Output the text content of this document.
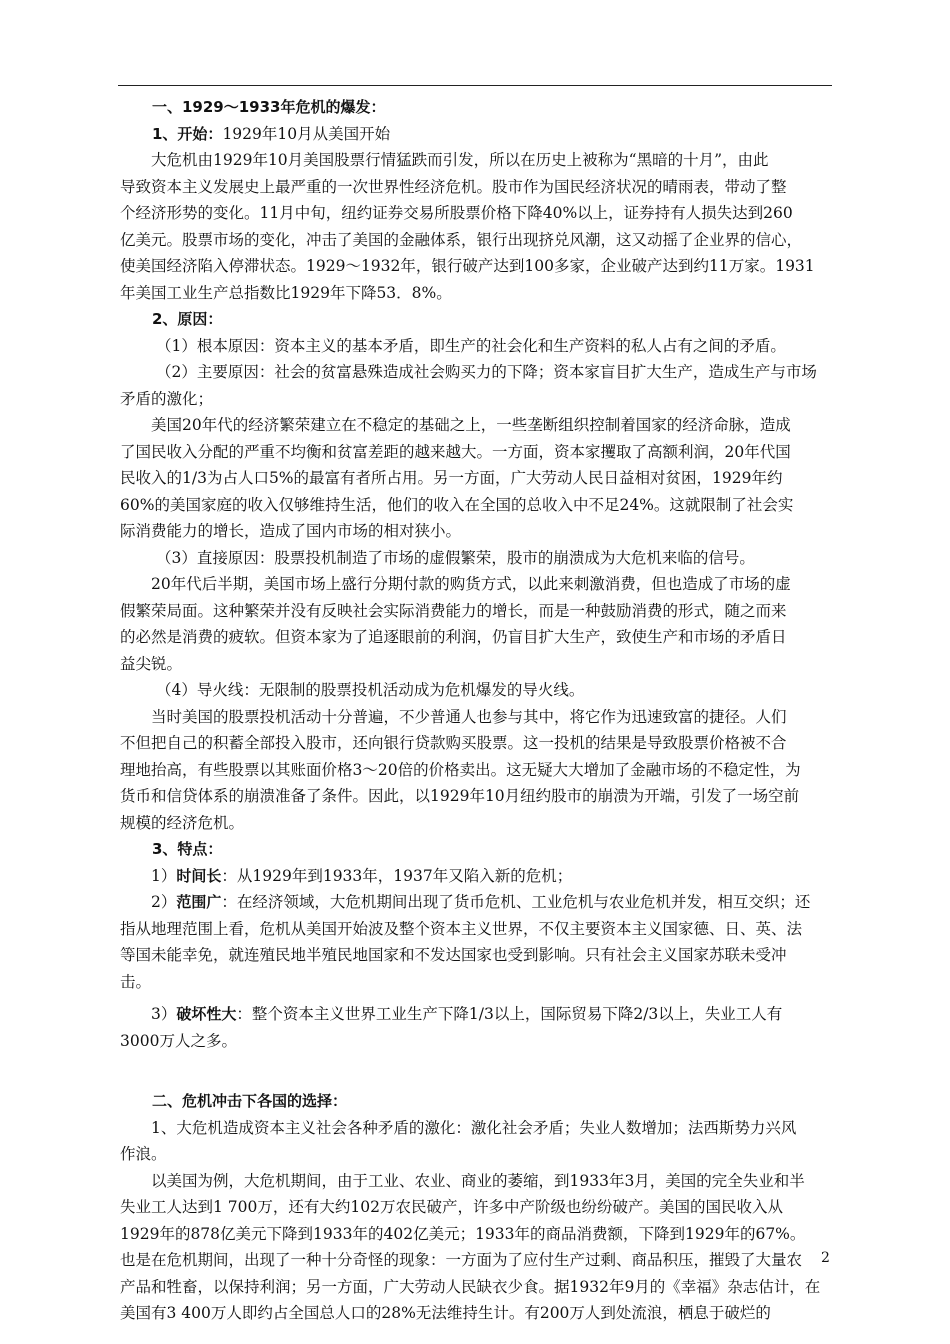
一、1929～1933年危机的爆发：
1、开始：1929年10月从美国开始
大危机由1929年10月美国股票行情猛跌而引发，所以在历史上被称为“黑暗的十月”，由此
导致资本主义发展史上最严重的一次世界性经济危机。股市作为国民经济状况的晴雨表，带动了整
个经济形势的变化。11月中旬，纽约证券交易所股票价格下降40%以上，证券持有人损失达到260
亿美元。股票市场的变化，冲击了美国的金融体系，银行出现挤兑风潮，这又动摇了企业界的信心，
使美国经济陷入停滞状态。1929～1932年，银行破产达到100多家，企业破产达到约11万家。1931
年美国工业生产总指数比1929年下降53．8%。
2、原因：
（1）根本原因：资本主义的基本矛盾，即生产的社会化和生产资料的私人占有之间的矛盾。
（2）主要原因：社会的贫富悬殊造成社会购买力的下降；资本家盲目扩大生产，造成生产与市场
矛盾的激化；
美国20年代的经济繁荣建立在不稳定的基础之上，一些垄断组织控制着国家的经济命脉，造成
了国民收入分配的严重不均衡和贫富差距的越来越大。一方面，资本家攫取了高额利润，20年代国
民收入的1/3为占人口5%的最富有者所占用。另一方面，广大劳动人民日益相对贫困，1929年约
60%的美国家庭的收入仅够维持生活，他们的收入在全国的总收入中不足24%。这就限制了社会实
际消费能力的增长，造成了国内市场的相对狭小。
（3）直接原因：股票投机制造了市场的虚假繁荣，股市的崩溃成为大危机来临的信号。
20年代后半期，美国市场上盛行分期付款的购货方式，以此来刺激消费，但也造成了市场的虚
假繁荣局面。这种繁荣并没有反映社会实际消费能力的增长，而是一种鼓励消费的形式，随之而来
的必然是消费的疲软。但资本家为了追逐眼前的利润，仍盲目扩大生产，致使生产和市场的矛盾日
益尖锐。
（4）导火线：无限制的股票投机活动成为危机爆发的导火线。
当时美国的股票投机活动十分普遍，不少普通人也参与其中，将它作为迅速致富的捷径。人们
不但把自己的积蓄全部投入股市，还向银行贷款购买股票。这一投机的结果是导致股票价格被不合
理地抬高，有些股票以其账面价格3～20倍的价格卖出。这无疑大大增加了金融市场的不稳定性，为
货币和信贷体系的崩溃准备了条件。因此，以1929年10月纽约股市的崩溃为开端，引发了一场空前
规模的经济危机。
3、特点：
1）时间长：从1929年到1933年，1937年又陷入新的危机；
2）范围广：在经济领域，大危机期间出现了货币危机、工业危机与农业危机并发，相互交织；还
指从地理范围上看，危机从美国开始波及整个资本主义世界，不仅主要资本主义国家德、日、英、法
等国未能幸免，就连殖民地半殖民地国家和不发达国家也受到影响。只有社会主义国家苏联未受冲
击。
3）破坏性大：整个资本主义世界工业生产下降1/3以上，国际贸易下降2/3以上，失业工人有
3000万人之多。
二、危机冲击下各国的选择：
1、大危机造成资本主义社会各种矛盾的激化：激化社会矛盾；失业人数增加；法西斯势力兴风
作浪。
以美国为例，大危机期间，由于工业、农业、商业的萎缩，到1933年3月，美国的完全失业和半
失业工人达到1 700万，还有大约102万农民破产，许多中产阶级也纷纷破产。美国的国民收入从
1929年的878亿美元下降到1933年的402亿美元；1933年的商品消费额，下降到1929年的67%。
也是在危机期间，出现了一种十分奇怪的现象：一方面为了应付生产过剩、商品积压，摧毁了大量农
产品和牲畜，以保持利润；另一方面，广大劳动人民缺衣少食。据1932年9月的《幸福》杂志估计，在
美国有3 400万人即约占全国总人口的28%无法维持生计。有200万人到处流浪，栖息于破烂的
2
